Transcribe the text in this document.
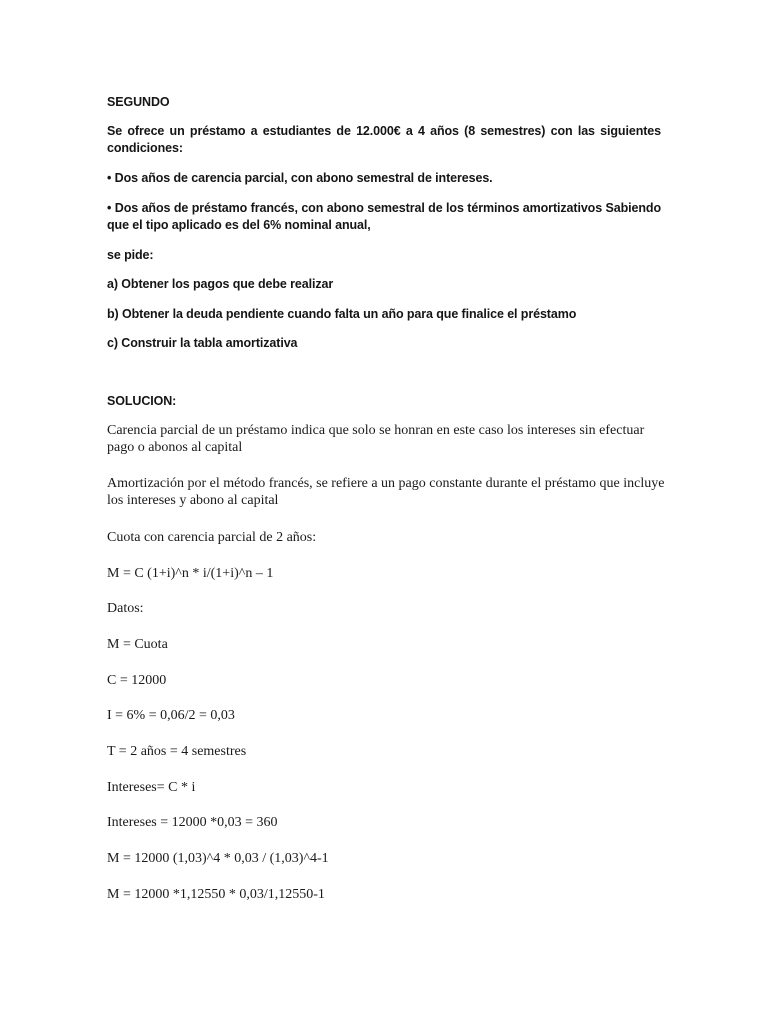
SEGUNDO

Se ofrece un préstamo a estudiantes de 12.000€ a 4 años (8 semestres) con las siguientes condiciones:

• Dos años de carencia parcial, con abono semestral de intereses.

• Dos años de préstamo francés, con abono semestral de los términos amortizativos Sabiendo que el tipo aplicado es del 6% nominal anual,

se pide:

a) Obtener los pagos que debe realizar

b) Obtener la deuda pendiente cuando falta un año para que finalice el préstamo

c) Construir la tabla amortizativa

SOLUCION:

Carencia parcial de un préstamo indica que solo se honran en este caso los intereses sin efectuar pago o abonos al capital

Amortización por el método francés, se refiere a un pago constante durante el préstamo que incluye los intereses y abono al capital

Cuota con carencia parcial de 2 años:

M = C (1+i)^n * i/(1+i)^n – 1

Datos:

M = Cuota

C = 12000

I = 6% = 0,06/2 = 0,03

T = 2 años = 4 semestres

Intereses= C * i

Intereses = 12000 *0,03 = 360

M = 12000 (1,03)^4 * 0,03 / (1,03)^4-1

M = 12000 *1,12550 * 0,03/1,12550-1
